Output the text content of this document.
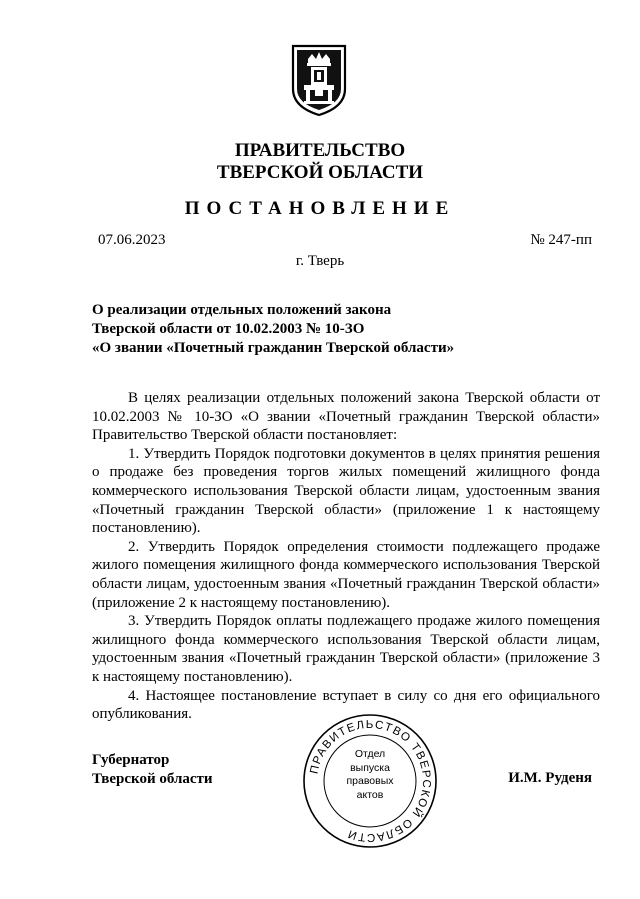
ПРАВИТЕЛЬСТВО
ТВЕРСКОЙ ОБЛАСТИ
ПОСТАНОВЛЕНИЕ
07.06.2023	№ 247-пп
г. Тверь
О реализации отдельных положений закона
Тверской области от 10.02.2003 № 10-ЗО
«О звании «Почетный гражданин Тверской области»

В целях реализации отдельных положений закона Тверской области от 10.02.2003 № 10-ЗО «О звании «Почетный гражданин Тверской области» Правительство Тверской области постановляет:

1. Утвердить Порядок подготовки документов в целях принятия решения о продаже без проведения торгов жилых помещений жилищного фонда коммерческого использования Тверской области лицам, удостоенным звания «Почетный гражданин Тверской области» (приложение 1 к настоящему постановлению).

2. Утвердить Порядок определения стоимости подлежащего продаже жилого помещения жилищного фонда коммерческого использования Тверской области лицам, удостоенным звания «Почетный гражданин Тверской области» (приложение 2 к настоящему постановлению).

3. Утвердить Порядок оплаты подлежащего продаже жилого помещения жилищного фонда коммерческого использования Тверской области лицам, удостоенным звания «Почетный гражданин Тверской области» (приложение 3 к настоящему постановлению).

4. Настоящее постановление вступает в силу со дня его официального опубликования.

Губернатор
Тверской области	И.М. Руденя
ПРАВИТЕЛЬСТВО ТВЕРСКОЙ ОБЛАСТИ
Отдел
выпуска
правовых
актов
